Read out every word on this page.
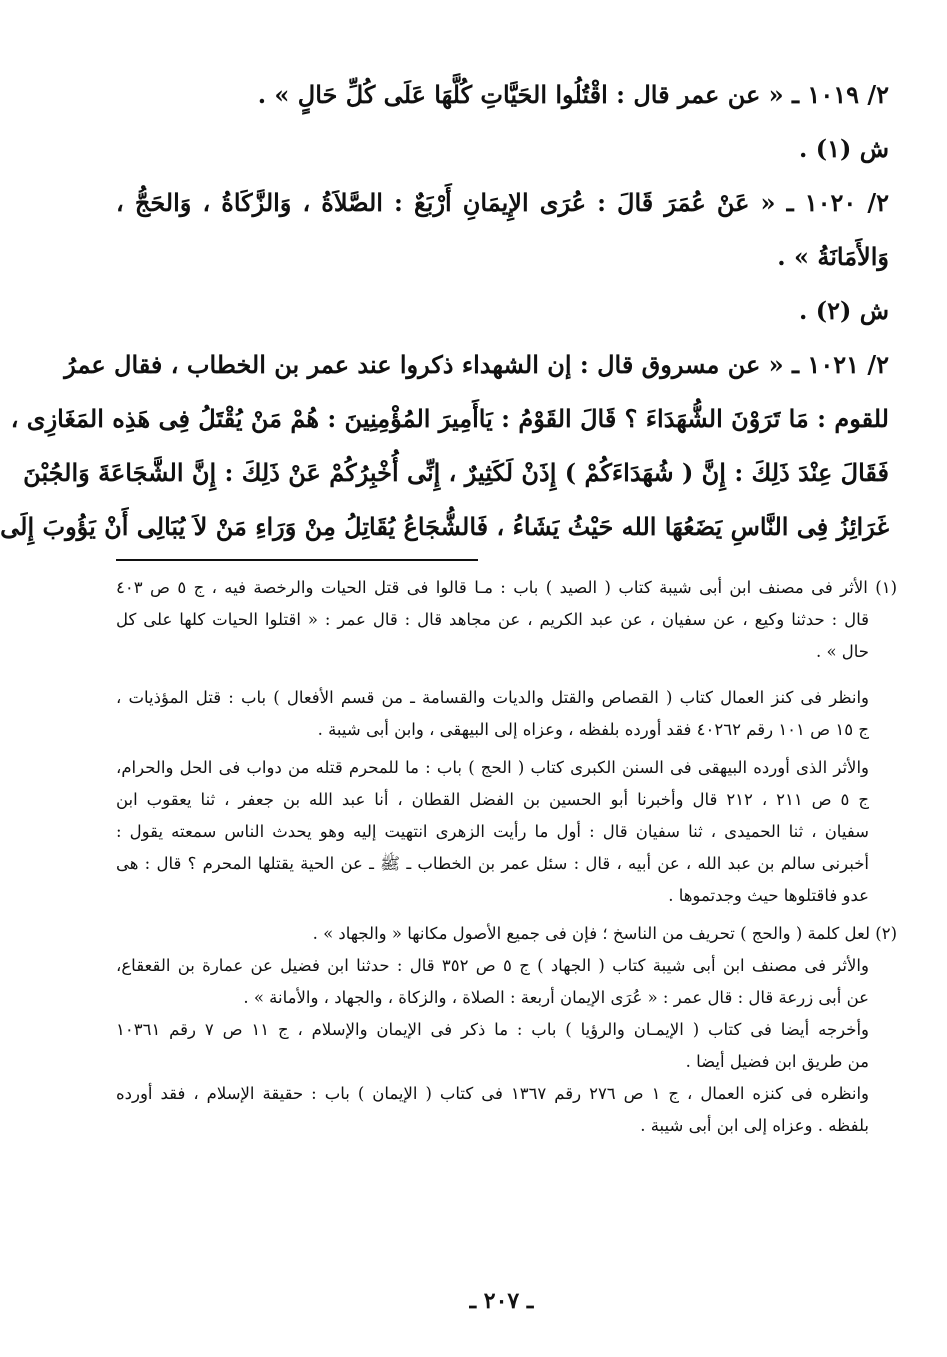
٢/ ١٠١٩ ـ « عن عمر قال : اقْتُلُوا الحَيَّاتِ كُلَّهَا عَلَى كُلِّ حَالٍ » .
ش (١) .
٢/ ١٠٢٠ ـ « عَنْ عُمَرَ قَالَ : عُرَى الإِيمَانِ أَرْبَعٌ : الصَّلاَةُ ، وَالزَّكَاةُ ، وَالحَجُّ ،
وَالأَمَانَةُ » .
ش (٢) .
٢/ ١٠٢١ ـ « عن مسروق قال : إن الشهداء ذكروا عند عمر بن الخطاب ، فقال عمرُ
للقوم : مَا تَرَوْنَ الشُّهَدَاءَ ؟ قَالَ القَوْمُ : يَاأَمِيرَ المُؤْمِنِينَ : هُمْ مَنْ يُقْتَلُ فِى هَذِه المَغَازِى ،
فَقَالَ عِنْدَ ذَلِكَ : إِنَّ ( شُهَدَاءَكُمْ ) إِذَنْ لَكَثِيرٌ ، إِنِّى أُخْبِرُكُمْ عَنْ ذَلِكَ : إِنَّ الشَّجَاعَةَ وَالجُبْنَ
غَرَائِزُ فِى النَّاسِ يَضَعُهَا الله حَيْثُ يَشَاءُ ، فَالشُّجَاعُ يُقَاتِلُ مِنْ وَرَاءِ مَنْ لاَ يُبَالِى أَنْ يَؤُوبَ إِلَى
(١) الأثر فى مصنف ابن أبى شيبة كتاب ( الصيد ) باب : مـا قالوا فى قتل الحيات والرخصة فيه ، ج ٥ ص ٤٠٣
قال : حدثنا وكيع ، عن سفيان ، عن عبد الكريم ، عن مجاهد قال : قال عمر : « اقتلوا الحيات كلها على كل
حال » .
وانظر فى كنز العمال كتاب ( القصاص والقتل والديات والقسامة ـ من قسم الأفعال ) باب : قتل المؤذيات ،
ج ١٥ ص ١٠١ رقم ٤٠٢٦٢ فقد أورده بلفظه ، وعزاه إلى البيهقى ، وابن أبى شيبة .
والأثر الذى أورده البيهقى فى السنن الكبرى كتاب ( الحج ) باب : ما للمحرم قتله من دواب فى الحل والحرام،
ج ٥ ص ٢١١ ، ٢١٢ قال وأخبرنا أبو الحسين بن الفضل القطان ، أنا عبد الله بن جعفر ، ثنا يعقوب ابن
سفيان ، ثنا الحميدى ، ثنا سفيان قال : أول ما رأيت الزهرى انتهيت إليه وهو يحدث الناس سمعته يقول :
أخبرنى سالم بن عبد الله ، عن أبيه ، قال : سئل عمر بن الخطاب ـ ﷺ ـ عن الحية يقتلها المحرم ؟ قال : هى
عدو فاقتلوها حيث وجدتموها .
(٢) لعل كلمة ( والحج ) تحريف من الناسخ ؛ فإن فى جميع الأصول مكانها « والجهاد » .
والأثر فى مصنف ابن أبى شيبة كتاب ( الجهاد ) ج ٥ ص ٣٥٢ قال : حدثنا ابن فضيل عن عمارة بن القعقاع،
عن أبى زرعة قال : قال عمر : « عُرَى الإيمان أربعة : الصلاة ، والزكاة ، والجهاد ، والأمانة » .
وأخرجه أيضا فى كتاب ( الإيمـان والرؤيا ) باب : ما ذكر فى الإيمان والإسلام ، ج ١١ ص ٧ رقم ١٠٣٦١
من طريق ابن فضيل أيضا .
وانظره فى كنزه العمال ، ج ١ ص ٢٧٦ رقم ١٣٦٧ فى كتاب ( الإيمان ) باب : حقيقة الإسلام ، فقد أورده
بلفظه . وعزاه إلى ابن أبى شيبة .
ـ ٢٠٧ ـ
